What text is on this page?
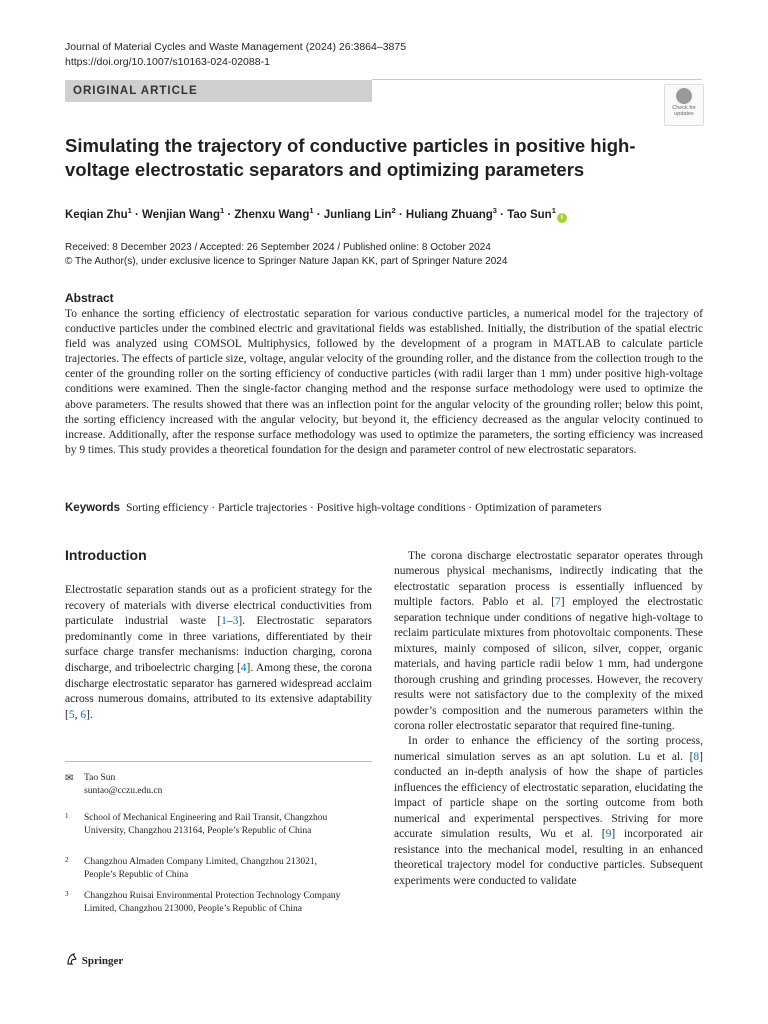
Journal of Material Cycles and Waste Management (2024) 26:3864–3875
https://doi.org/10.1007/s10163-024-02088-1
ORIGINAL ARTICLE
Check for
updates
Simulating the trajectory of conductive particles in positive high-voltage electrostatic separators and optimizing parameters
Keqian Zhu$^1$ · Wenjian Wang$^1$ · Zhenxu Wang$^1$ · Junliang Lin$^2$ · Huliang Zhuang$^3$ · Tao Sun$^1$i
Received: 8 December 2023 / Accepted: 26 September 2024 / Published online: 8 October 2024
© The Author(s), under exclusive licence to Springer Nature Japan KK, part of Springer Nature 2024
Abstract
To enhance the sorting efficiency of electrostatic separation for various conductive particles, a numerical model for the trajectory of conductive particles under the combined electric and gravitational fields was established. Initially, the distribution of the spatial electric field was analyzed using COMSOL Multiphysics, followed by the development of a program in MATLAB to calculate particle trajectories. The effects of particle size, voltage, angular velocity of the grounding roller, and the distance from the collection trough to the center of the grounding roller on the sorting efficiency of conductive particles (with radii larger than 1 mm) under positive high-voltage conditions were examined. Then the single-factor changing method and the response surface methodology were used to optimize the above parameters. The results showed that there was an inflection point for the angular velocity of the grounding roller; below this point, the sorting efficiency increased with the angular velocity, but beyond it, the efficiency decreased as the angular velocity continued to increase. Additionally, after the response surface methodology was used to optimize the parameters, the sorting efficiency was increased by 9 times. This study provides a theoretical foundation for the design and parameter control of new electrostatic separators.
Keywords Sorting efficiency · Particle trajectories · Positive high-voltage conditions · Optimization of parameters
Introduction
Electrostatic separation stands out as a proficient strategy for the recovery of materials with diverse electrical conductivities from particulate industrial waste [1–3]. Electrostatic separators predominantly come in three variations, differentiated by their surface charge transfer mechanisms: induction charging, corona discharge, and triboelectric charging [4]. Among these, the corona discharge electrostatic separator has garnered widespread acclaim across numerous domains, attributed to its extensive adaptability [5, 6].

The corona discharge electrostatic separator operates through numerous physical mechanisms, indirectly indicating that the electrostatic separation process is essentially influenced by multiple factors. Pablo et al. [7] employed the electrostatic separation technique under conditions of negative high-voltage to reclaim particulate mixtures from photovoltaic components. These mixtures, mainly composed of silicon, silver, copper, organic materials, and having particle radii below 1 mm, had undergone thorough crushing and grinding processes. However, the recovery results were not satisfactory due to the complexity of the mixed powder’s composition and the numerous parameters within the corona roller electrostatic separator that required fine-tuning.

In order to enhance the efficiency of the sorting process, numerical simulation serves as an apt solution. Lu et al. [8] conducted an in-depth analysis of how the shape of particles influences the efficiency of electrostatic separation, elucidating the impact of particle shape on the sorting outcome from both numerical and experimental perspectives. Striving for more accurate simulation results, Wu et al. [9] incorporated air resistance into the mechanical model, resulting in an enhanced theoretical trajectory model for conductive particles. Subsequent experiments were conducted to validate

✉ Tao Sun
suntao@cczu.edu.cn
1 School of Mechanical Engineering and Rail Transit, Changzhou University, Changzhou 213164, People’s Republic of China
2 Changzhou Almaden Company Limited, Changzhou 213021, People’s Republic of China
3 Changzhou Ruisai Environmental Protection Technology Company Limited, Changzhou 213000, People’s Republic of China
Springer
